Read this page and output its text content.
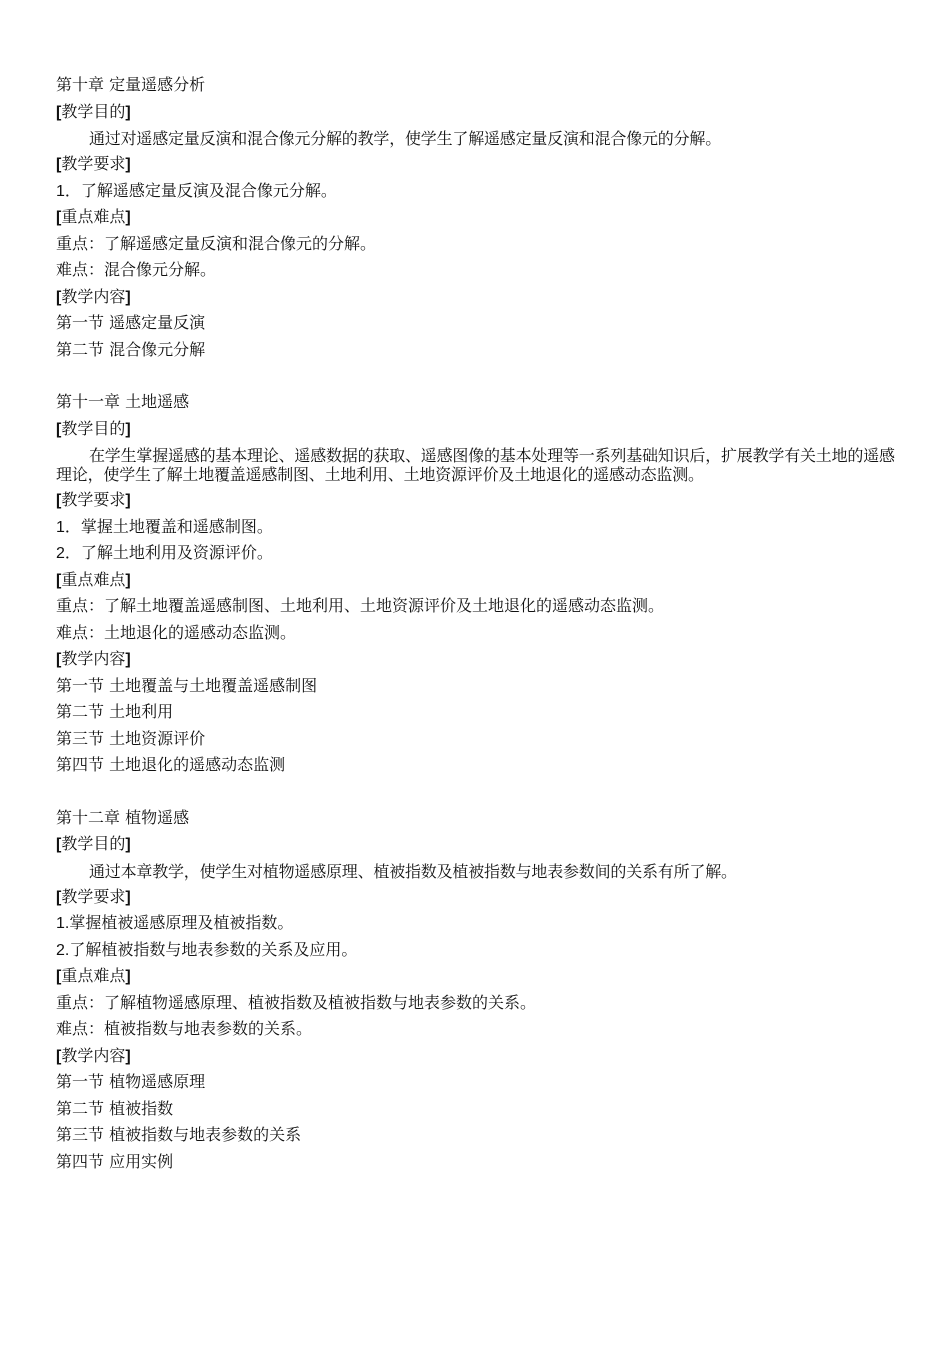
第十章 定量遥感分析
[教学目的]
通过对遥感定量反演和混合像元分解的教学，使学生了解遥感定量反演和混合像元的分解。
[教学要求]
1．了解遥感定量反演及混合像元分解。
[重点难点]
重点：了解遥感定量反演和混合像元的分解。
难点：混合像元分解。
[教学内容]
第一节 遥感定量反演
第二节 混合像元分解
第十一章 土地遥感
[教学目的]
在学生掌握遥感的基本理论、遥感数据的获取、遥感图像的基本处理等一系列基础知识后，扩展教学有关土地的遥感理论，使学生了解土地覆盖遥感制图、土地利用、土地资源评价及土地退化的遥感动态监测。
[教学要求]
1．掌握土地覆盖和遥感制图。
2．了解土地利用及资源评价。
[重点难点]
重点：了解土地覆盖遥感制图、土地利用、土地资源评价及土地退化的遥感动态监测。
难点：土地退化的遥感动态监测。
[教学内容]
第一节 土地覆盖与土地覆盖遥感制图
第二节 土地利用
第三节 土地资源评价
第四节 土地退化的遥感动态监测
第十二章 植物遥感
[教学目的]
通过本章教学，使学生对植物遥感原理、植被指数及植被指数与地表参数间的关系有所了解。
[教学要求]
1.掌握植被遥感原理及植被指数。
2.了解植被指数与地表参数的关系及应用。
[重点难点]
重点：了解植物遥感原理、植被指数及植被指数与地表参数的关系。
难点：植被指数与地表参数的关系。
[教学内容]
第一节 植物遥感原理
第二节 植被指数
第三节 植被指数与地表参数的关系
第四节 应用实例
